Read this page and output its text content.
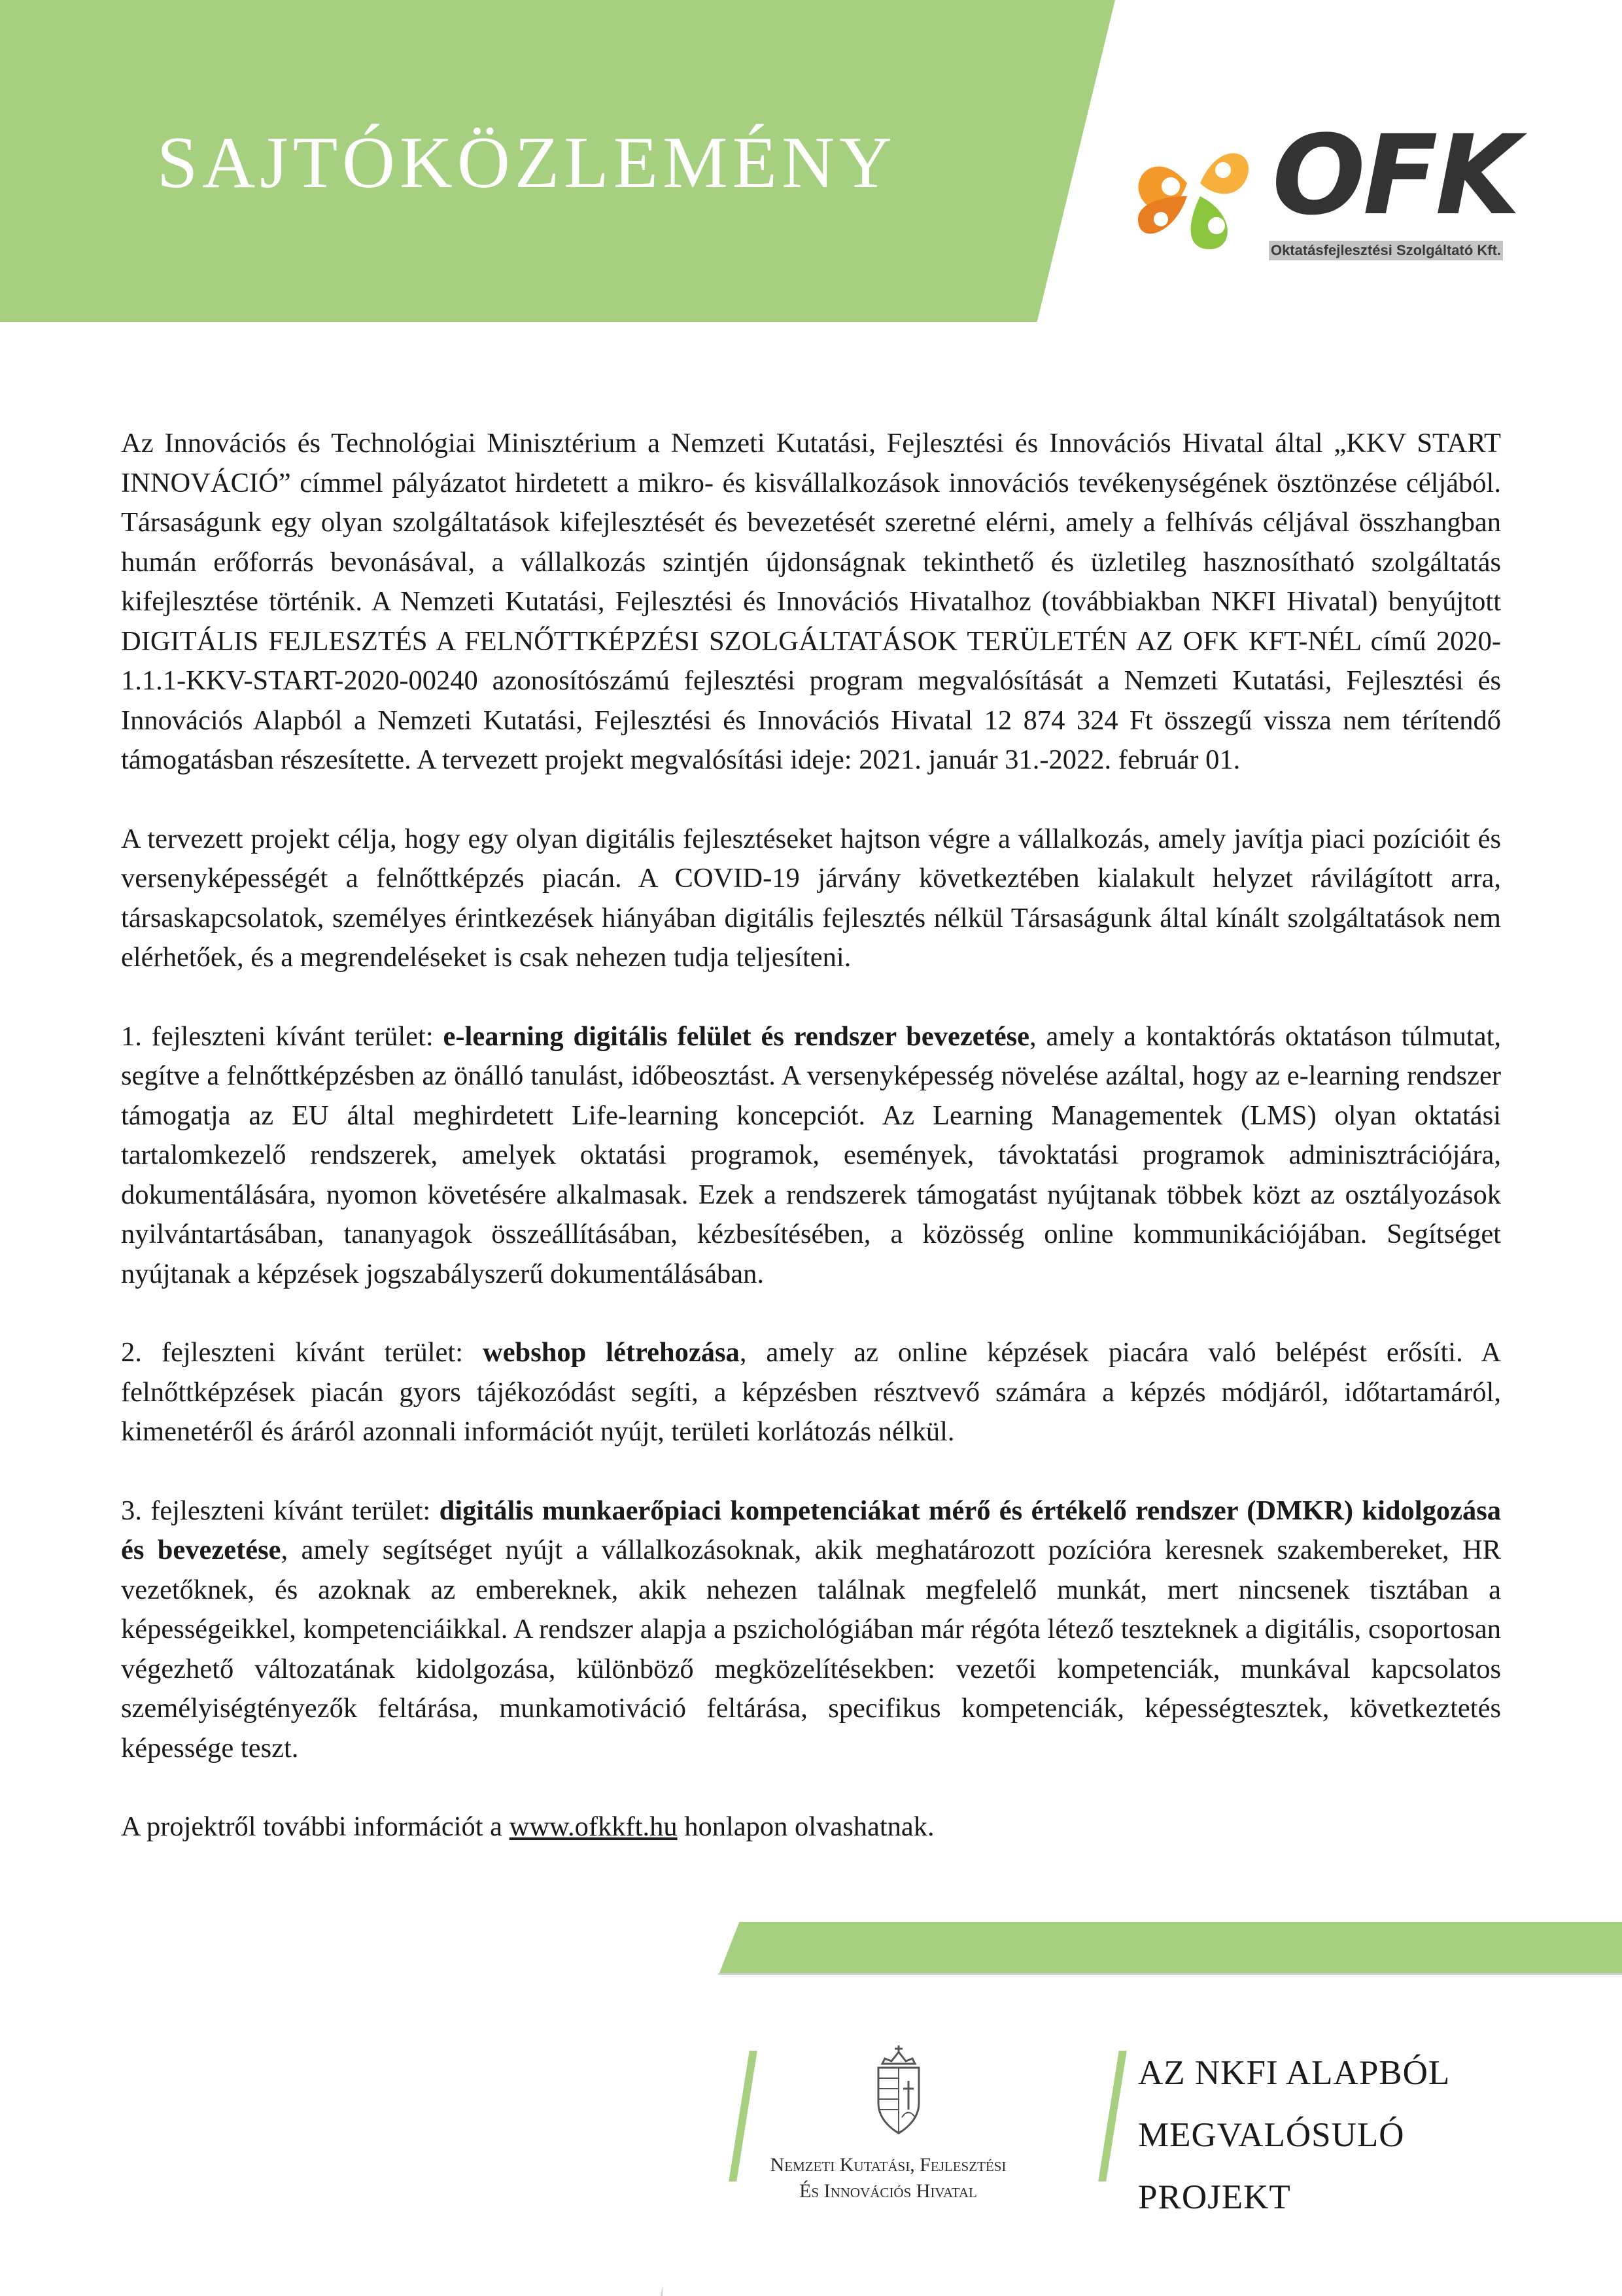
SAJTÓKÖZLEMÉNY	OFK
Oktatásfejlesztési Szolgáltató Kft.

Az Innovációs és Technológiai Minisztérium a Nemzeti Kutatási, Fejlesztési és Innovációs Hivatal által „KKV START INNOVÁCIÓ” címmel pályázatot hirdetett a mikro- és kisvállalkozások innovációs tevékenységének ösztönzése céljából. Társaságunk egy olyan szolgáltatások kifejlesztését és bevezetését szeretné elérni, amely a felhívás céljával összhangban humán erőforrás bevonásával, a vállalkozás szintjén újdonságnak tekinthető és üzletileg hasznosítható szolgáltatás kifejlesztése történik. A Nemzeti Kutatási, Fejlesztési és Innovációs Hivatalhoz (továbbiakban NKFI Hivatal) benyújtott DIGITÁLIS FEJLESZTÉS A FELNŐTTKÉPZÉSI SZOLGÁLTATÁSOK TERÜLETÉN AZ OFK KFT-NÉL című 2020-1.1.1-KKV-START-2020-00240 azonosítószámú fejlesztési program megvalósítását a Nemzeti Kutatási, Fejlesztési és Innovációs Alapból a Nemzeti Kutatási, Fejlesztési és Innovációs Hivatal 12 874 324 Ft összegű vissza nem térítendő támogatásban részesítette. A tervezett projekt megvalósítási ideje: 2021. január 31.-2022. február 01.

A tervezett projekt célja, hogy egy olyan digitális fejlesztéseket hajtson végre a vállalkozás, amely javítja piaci pozícióit és versenyképességét a felnőttképzés piacán. A COVID-19 járvány következtében kialakult helyzet rávilágított arra, társaskapcsolatok, személyes érintkezések hiányában digitális fejlesztés nélkül Társaságunk által kínált szolgáltatások nem elérhetőek, és a megrendeléseket is csak nehezen tudja teljesíteni.

1. fejleszteni kívánt terület: e-learning digitális felület és rendszer bevezetése, amely a kontaktórás oktatáson túlmutat, segítve a felnőttképzésben az önálló tanulást, időbeosztást. A versenyképesség növelése azáltal, hogy az e-learning rendszer támogatja az EU által meghirdetett Life-learning koncepciót. Az Learning Managementek (LMS) olyan oktatási tartalomkezelő rendszerek, amelyek oktatási programok, események, távoktatási programok adminisztrációjára, dokumentálására, nyomon követésére alkalmasak. Ezek a rendszerek támogatást nyújtanak többek közt az osztályozások nyilvántartásában, tananyagok összeállításában, kézbesítésében, a közösség online kommunikációjában. Segítséget nyújtanak a képzések jogszabályszerű dokumentálásában.

2. fejleszteni kívánt terület: webshop létrehozása, amely az online képzések piacára való belépést erősíti. A felnőttképzések piacán gyors tájékozódást segíti, a képzésben résztvevő számára a képzés módjáról, időtartamáról, kimenetéről és áráról azonnali információt nyújt, területi korlátozás nélkül.

3. fejleszteni kívánt terület: digitális munkaerőpiaci kompetenciákat mérő és értékelő rendszer (DMKR) kidolgozása és bevezetése, amely segítséget nyújt a vállalkozásoknak, akik meghatározott pozícióra keresnek szakembereket, HR vezetőknek, és azoknak az embereknek, akik nehezen találnak megfelelő munkát, mert nincsenek tisztában a képességeikkel, kompetenciáikkal. A rendszer alapja a pszichológiában már régóta létező teszteknek a digitális, csoportosan végezhető változatának kidolgozása, különböző megközelítésekben: vezetői kompetenciák, munkával kapcsolatos személyiségtényezők feltárása, munkamotiváció feltárása, specifikus kompetenciák, képességtesztek, következtetés képessége teszt.

A projektről további információt a www.ofkkft.hu honlapon olvashatnak.

Nemzeti Kutatási, Fejlesztési
És Innovációs Hivatal
AZ NKFI ALAPBÓL
MEGVALÓSULÓ
PROJEKT
